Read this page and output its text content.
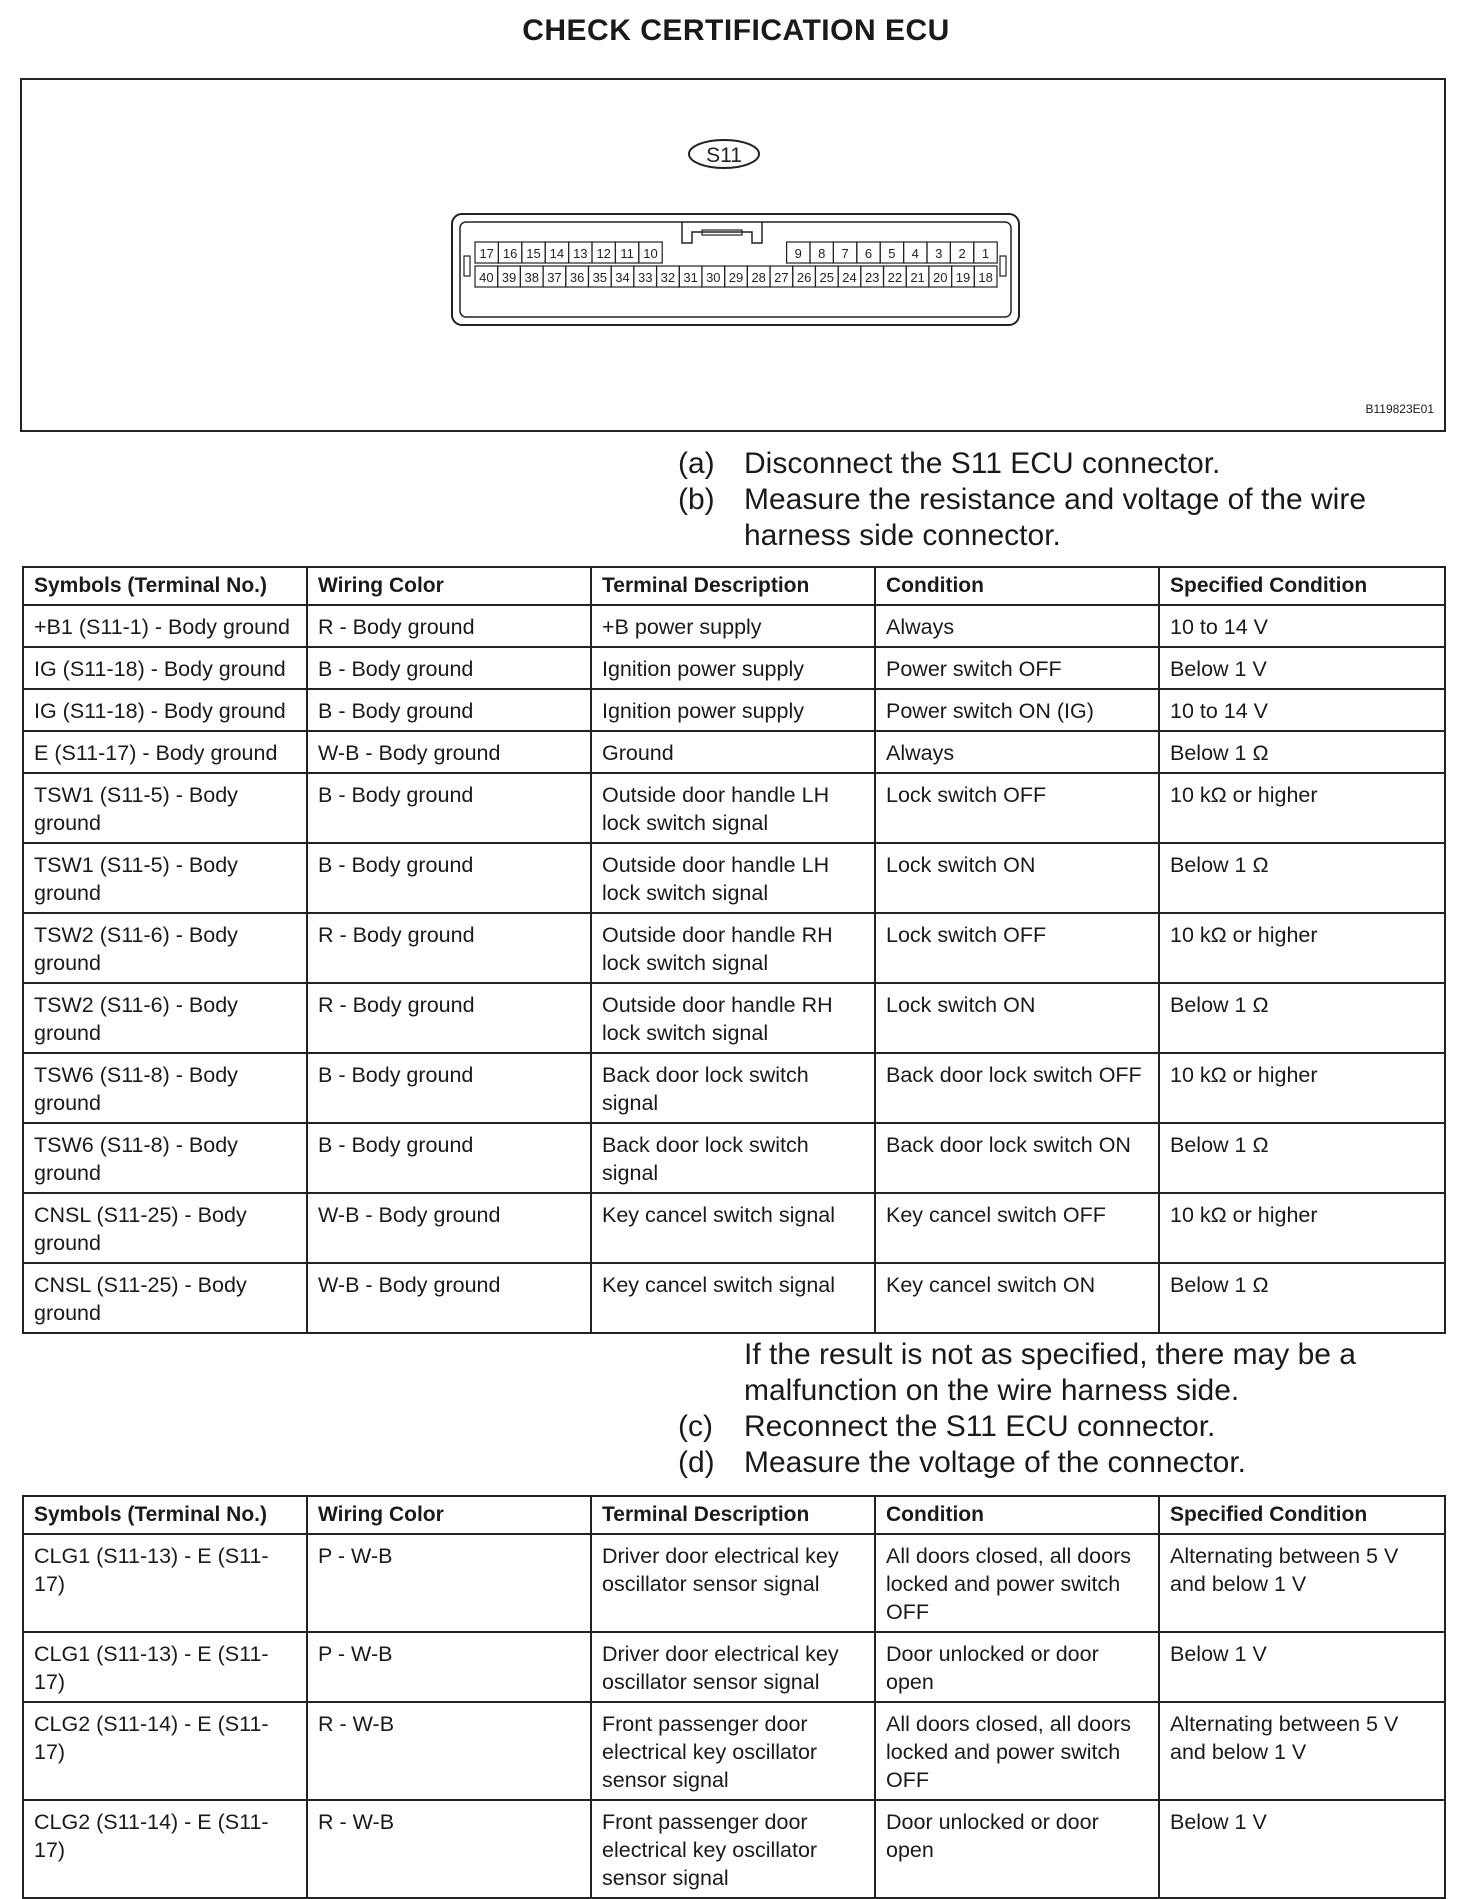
CHECK CERTIFICATION ECU
S11
17 16 15 14 13 12 11 10	9 8 7 6 5 4 3 2 1
40 39 38 37 36 35 34 33 32 31 30 29 28 27 26 25 24 23 22 21 20 19 18
B119823E01
(a) Disconnect the S11 ECU connector.
(b) Measure the resistance and voltage of the wire
harness side connector.
Symbols (Terminal No.)	Wiring Color	Terminal Description	Condition	Specified Condition
+B1 (S11-1) - Body ground	R - Body ground	+B power supply	Always	10 to 14 V
IG (S11-18) - Body ground	B - Body ground	Ignition power supply	Power switch OFF	Below 1 V
IG (S11-18) - Body ground	B - Body ground	Ignition power supply	Power switch ON (IG)	10 to 14 V
E (S11-17) - Body ground	W-B - Body ground	Ground	Always	Below 1 Ω
TSW1 (S11-5) - Body ground	B - Body ground	Outside door handle LH lock switch signal	Lock switch OFF	10 kΩ or higher
TSW1 (S11-5) - Body ground	B - Body ground	Outside door handle LH lock switch signal	Lock switch ON	Below 1 Ω
TSW2 (S11-6) - Body ground	R - Body ground	Outside door handle RH lock switch signal	Lock switch OFF	10 kΩ or higher
TSW2 (S11-6) - Body ground	R - Body ground	Outside door handle RH lock switch signal	Lock switch ON	Below 1 Ω
TSW6 (S11-8) - Body ground	B - Body ground	Back door lock switch signal	Back door lock switch OFF	10 kΩ or higher
TSW6 (S11-8) - Body ground	B - Body ground	Back door lock switch signal	Back door lock switch ON	Below 1 Ω
CNSL (S11-25) - Body ground	W-B - Body ground	Key cancel switch signal	Key cancel switch OFF	10 kΩ or higher
CNSL (S11-25) - Body ground	W-B - Body ground	Key cancel switch signal	Key cancel switch ON	Below 1 Ω
If the result is not as specified, there may be a
malfunction on the wire harness side.
(c)	Reconnect the S11 ECU connector.
(d) Measure the voltage of the connector.
Symbols (Terminal No.)	Wiring Color	Terminal Description	Condition	Specified Condition
CLG1 (S11-13) - E (S11-17)	P - W-B	Driver door electrical key oscillator sensor signal	All doors closed, all doors locked and power switch OFF	Alternating between 5 V and below 1 V
CLG1 (S11-13) - E (S11-17)	P - W-B	Driver door electrical key oscillator sensor signal	Door unlocked or door open	Below 1 V
CLG2 (S11-14) - E (S11-17)	R - W-B	Front passenger door electrical key oscillator sensor signal	All doors closed, all doors locked and power switch OFF	Alternating between 5 V and below 1 V
CLG2 (S11-14) - E (S11-17)	R - W-B	Front passenger door electrical key oscillator sensor signal	Door unlocked or door open	Below 1 V
